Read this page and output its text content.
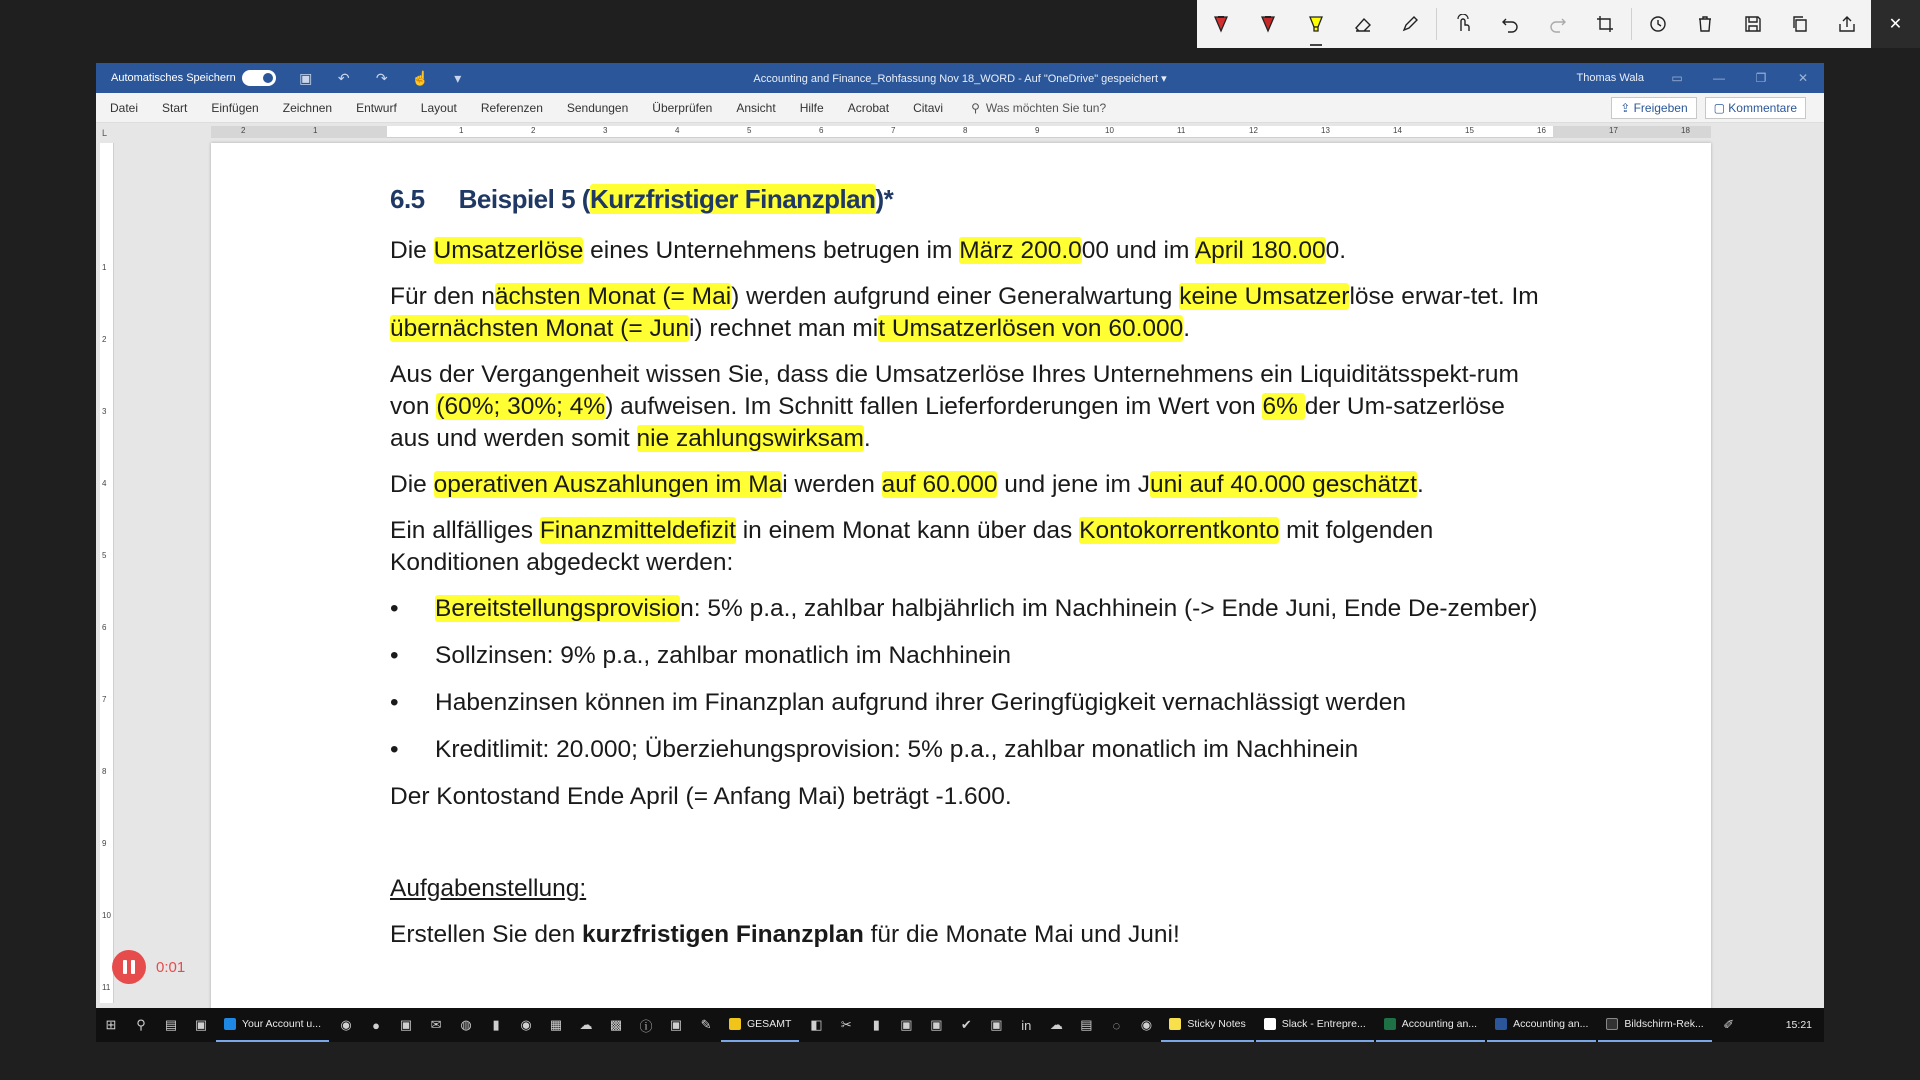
✕
Automatisches Speichern	▣ ↶ ↷ ☝	▾	Accounting and Finance_Rohfassung Nov 18_WORD - Auf "OneDrive" gespeichert ▾	Thomas Wala	▭	—	❐	✕
Datei Start Einfügen Zeichnen Entwurf Layout Referenzen Sendungen Überprüfen Ansicht Hilfe Acrobat Citavi ⚲ Was möchten Sie tun?	⇪ Freigeben	▢ Kommentare
L	2	1	1	2	3	4	5	6	7	8	9	10	11	12	13	14	15	16	17	18
1
2
3
4
5
6
7
8
9
10
11
6.5 Beispiel 5 (Kurzfristiger Finanzplan)*
Die Umsatzerlöse eines Unternehmens betrugen im März 200.000 und im April 180.000.
Für den nächsten Monat (= Mai) werden aufgrund einer Generalwartung keine Umsatzerlöse erwar-tet. Im übernächsten Monat (= Juni) rechnet man mit Umsatzerlösen von 60.000.
Aus der Vergangenheit wissen Sie, dass die Umsatzerlöse Ihres Unternehmens ein Liquiditätsspekt-rum von (60%; 30%; 4%) aufweisen. Im Schnitt fallen Lieferforderungen im Wert von 6% der Um-satzerlöse aus und werden somit nie zahlungswirksam.
Die operativen Auszahlungen im Mai werden auf 60.000 und jene im Juni auf 40.000 geschätzt.
Ein allfälliges Finanzmitteldefizit in einem Monat kann über das Kontokorrentkonto mit folgenden Konditionen abgedeckt werden:
• Bereitstellungsprovision: 5% p.a., zahlbar halbjährlich im Nachhinein (-> Ende Juni, Ende De-zember)
• Sollzinsen: 9% p.a., zahlbar monatlich im Nachhinein
• Habenzinsen können im Finanzplan aufgrund ihrer Geringfügigkeit vernachlässigt werden
• Kreditlimit: 20.000; Überziehungsprovision: 5% p.a., zahlbar monatlich im Nachhinein
Der Kontostand Ende April (= Anfang Mai) beträgt -1.600.
Aufgabenstellung:
Erstellen Sie den kurzfristigen Finanzplan für die Monate Mai und Juni!
0:01
⊞	⚲	▤	▣	Your Account u...	◉	●	▣	✉	◍	▮	◉	▦	☁	▩	ⓘ	▣	✎	GESAMT	◧	✂	▮	▣	▣	✔	▣	in	☁	▤	◌	◉	Sticky Notes	Slack - Entrepre...	Accounting an...	Accounting an...	Bildschirm-Rek...	✐	15:21
